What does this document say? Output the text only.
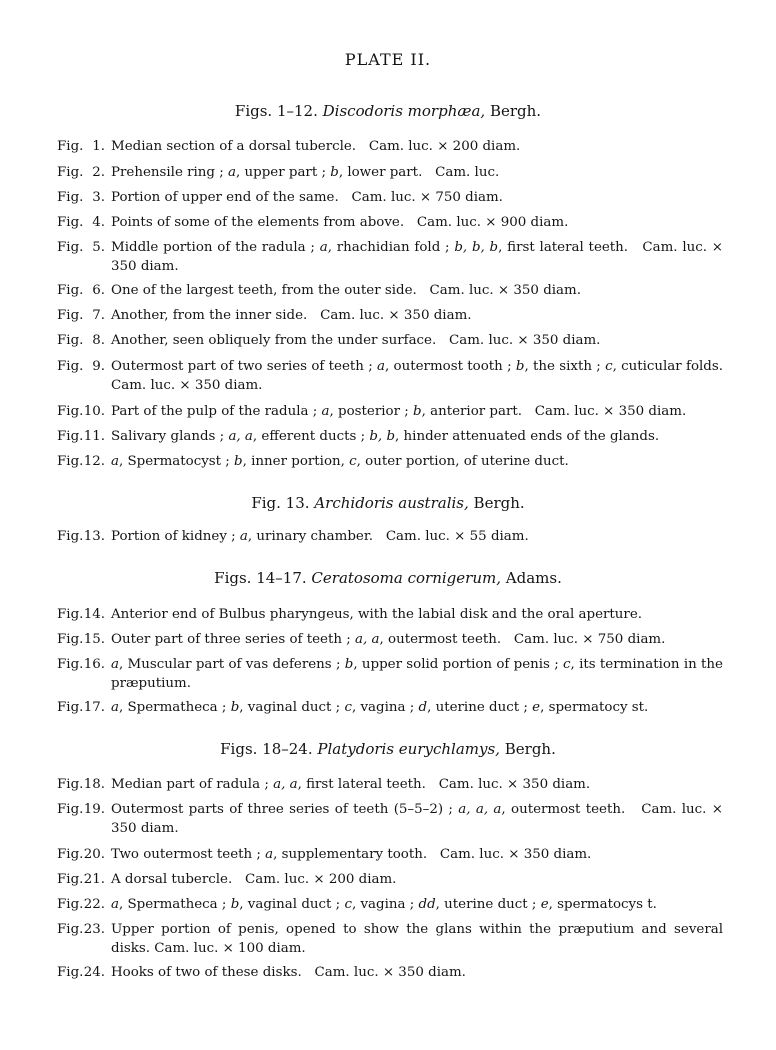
PLATE II.
Figs. 1–12. Discodoris morphæa, Bergh.
Fig. 1. Median section of a dorsal tubercle.   Cam. luc. × 200 diam.
Fig. 2. Prehensile ring ; a, upper part ; b, lower part.   Cam. luc.
Fig. 3. Portion of upper end of the same.   Cam. luc. × 750 diam.
Fig. 4. Points of some of the elements from above.   Cam. luc. × 900 diam.
Fig. 5. Middle portion of the radula ; a, rhachidian fold ; b, b, b, first lateral teeth.   Cam. luc. × 350 diam.
Fig. 6. One of the largest teeth, from the outer side.   Cam. luc. × 350 diam.
Fig. 7. Another, from the inner side.   Cam. luc. × 350 diam.
Fig. 8. Another, seen obliquely from the under surface.   Cam. luc. × 350 diam.
Fig. 9. Outermost part of two series of teeth ; a, outermost tooth ; b, the sixth ; c, cuticular folds. Cam. luc. × 350 diam.
Fig. 10. Part of the pulp of the radula ; a, posterior ; b, anterior part.   Cam. luc. × 350 diam.
Fig. 11. Salivary glands ; a, a, efferent ducts ; b, b, hinder attenuated ends of the glands.
Fig. 12. a, Spermatocyst ; b, inner portion, c, outer portion, of uterine duct.
Fig. 13. Archidoris australis, Bergh.
Fig. 13. Portion of kidney ; a, urinary chamber.   Cam. luc. × 55 diam.
Figs. 14–17. Ceratosoma cornigerum, Adams.
Fig. 14. Anterior end of Bulbus pharyngeus, with the labial disk and the oral aperture.
Fig. 15. Outer part of three series of teeth ; a, a, outermost teeth.   Cam. luc. × 750 diam.
Fig. 16. a, Muscular part of vas deferens ; b, upper solid portion of penis ; c, its termination in the præputium.
Fig. 17. a, Spermatheca ; b, vaginal duct ; c, vagina ; d, uterine duct ; e, spermatocy st.
Figs. 18–24. Platydoris eurychlamys, Bergh.
Fig. 18. Median part of radula ; a, a, first lateral teeth.   Cam. luc. × 350 diam.
Fig. 19. Outermost parts of three series of teeth (5–5–2) ; a, a, a, outermost teeth.   Cam. luc. × 350 diam.
Fig. 20. Two outermost teeth ; a, supplementary tooth.   Cam. luc. × 350 diam.
Fig. 21. A dorsal tubercle.   Cam. luc. × 200 diam.
Fig. 22. a, Spermatheca ; b, vaginal duct ; c, vagina ; dd, uterine duct ; e, spermatocys t.
Fig. 23. Upper portion of penis, opened to show the glans within the præputium and several disks. Cam. luc. × 100 diam.
Fig. 24. Hooks of two of these disks.   Cam. luc. × 350 diam.
